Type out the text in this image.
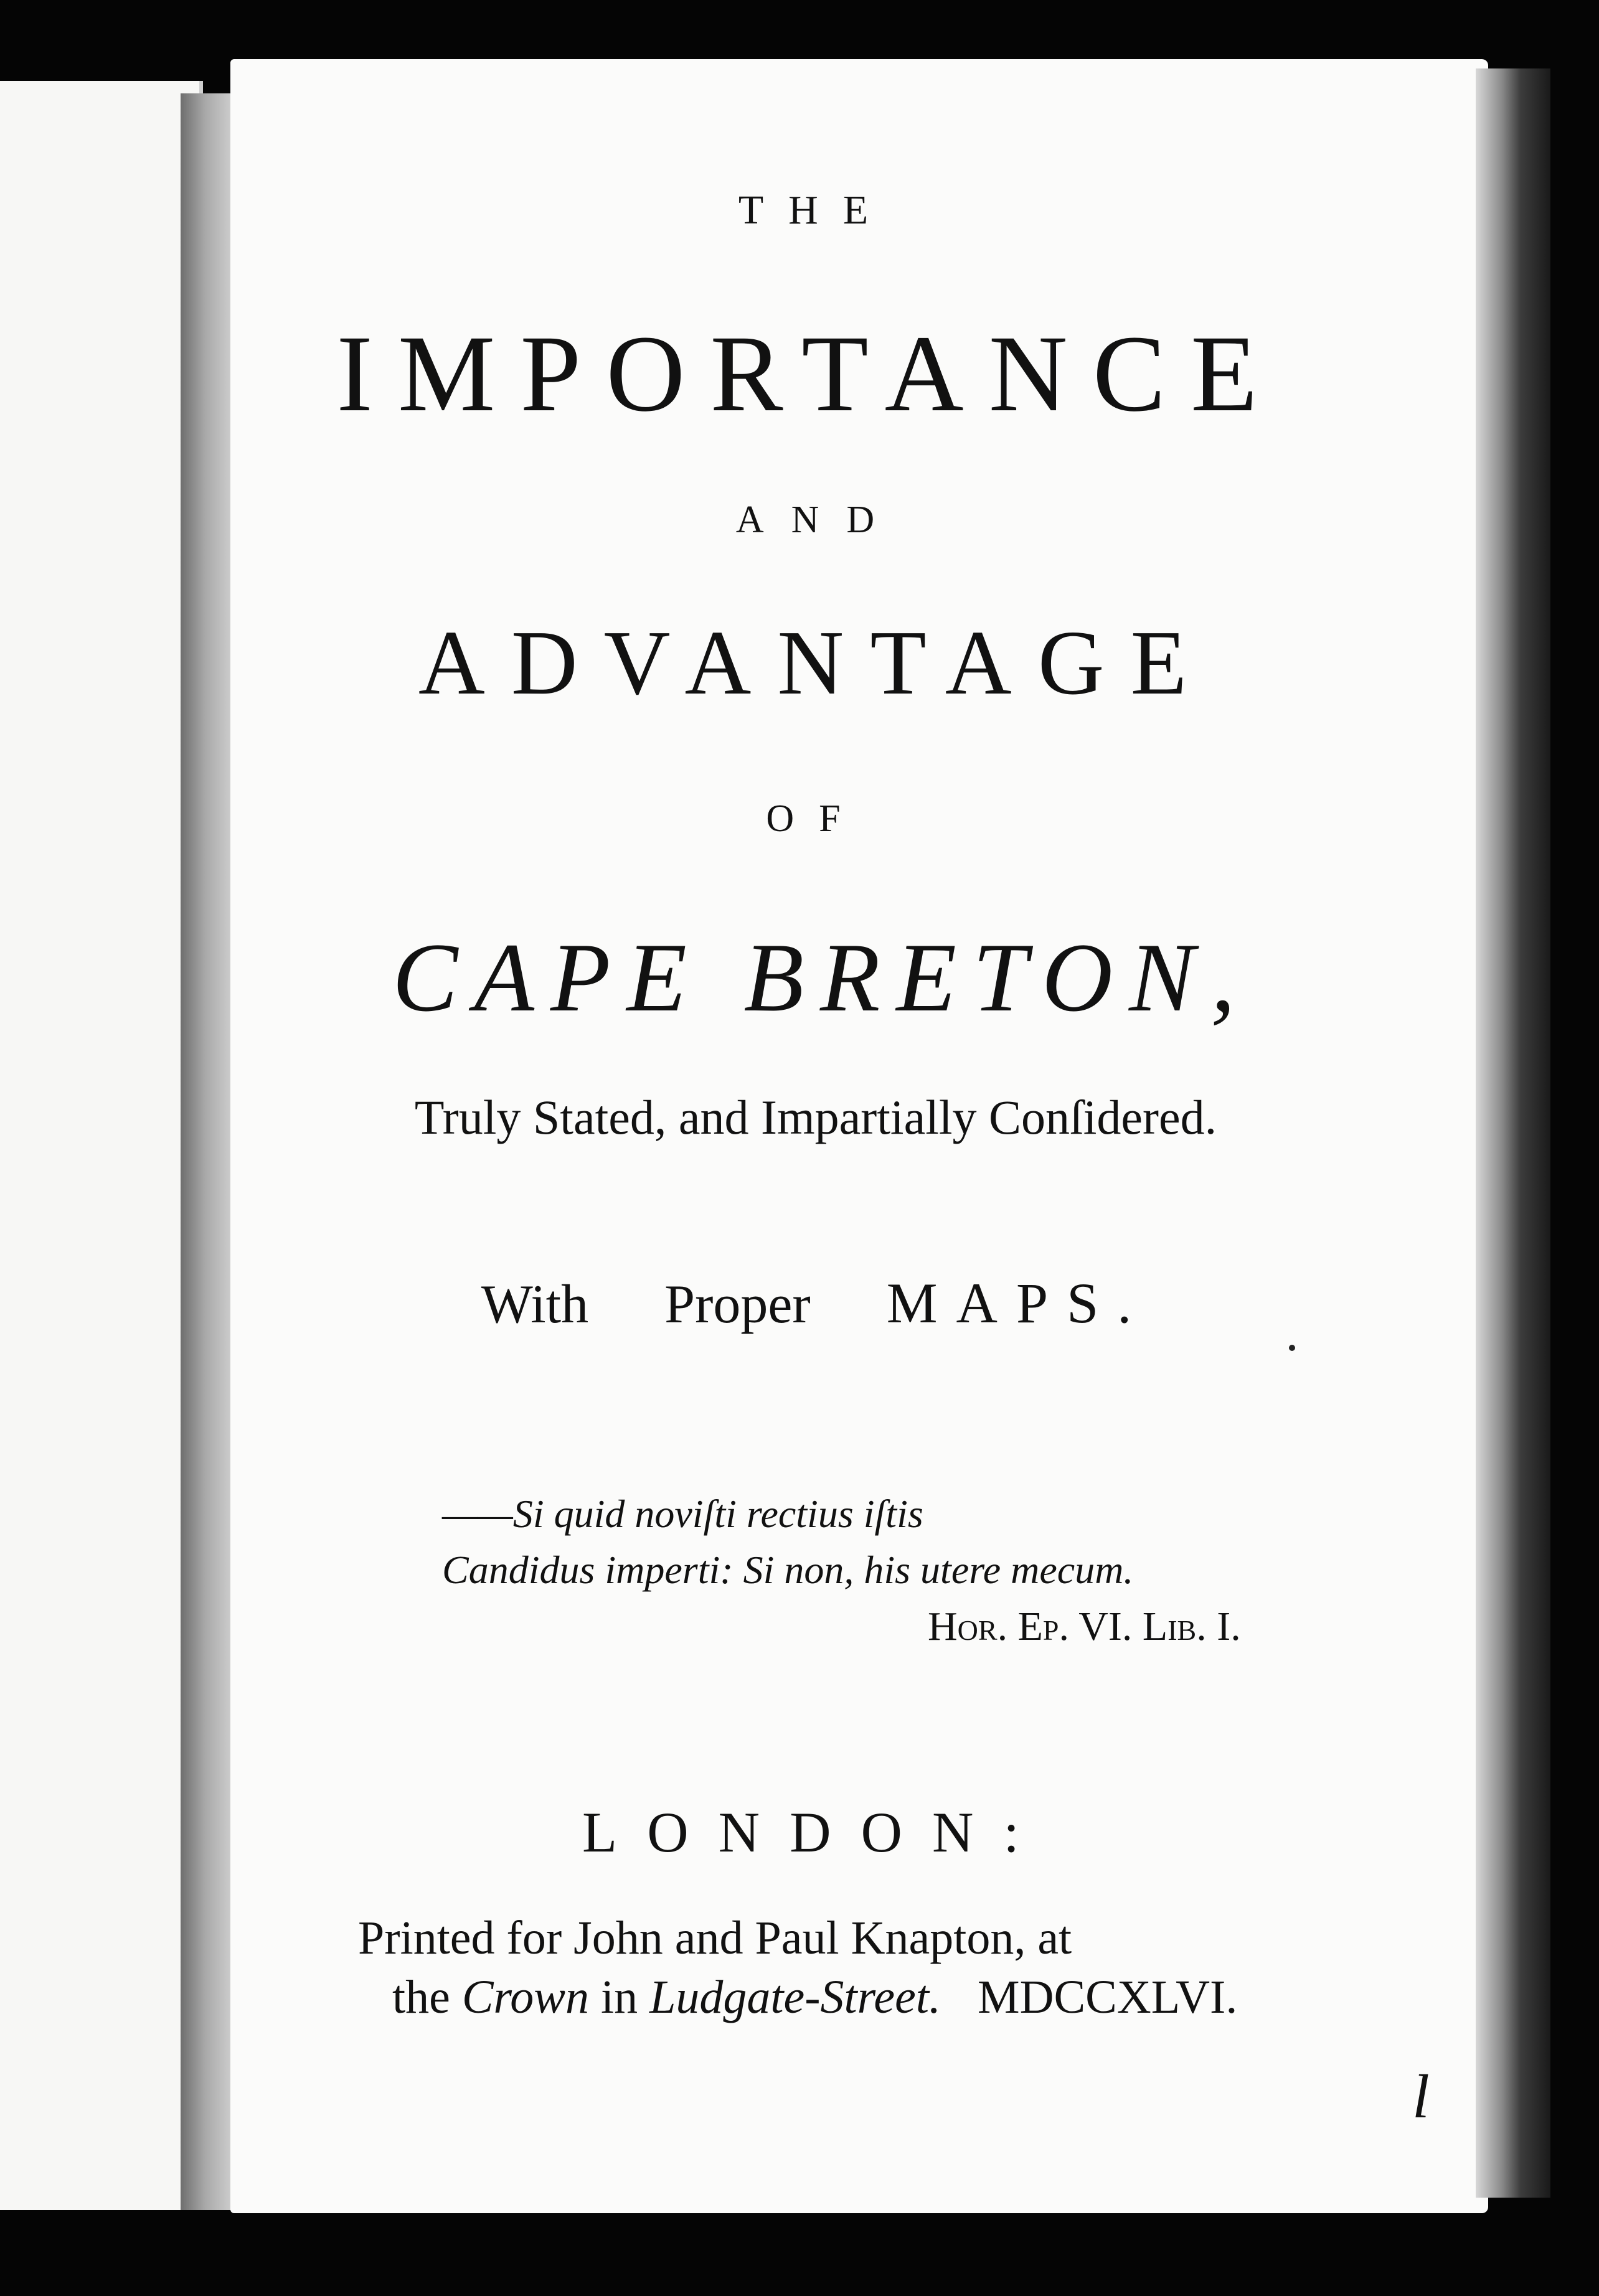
THE
IMPORTANCE
AND
ADVANTAGE
OF
CAPE BRETON,
Truly Stated, and Impartially Conſidered.
With Proper MAPS.
——Si quid noviſti rectius iſtis
Candidus imperti: Si non, his utere mecum.
Hor. Ep. VI. Lib. I.
LONDON:
Printed for John and Paul Knapton, at
the Crown in Ludgate-Street. MDCCXLVI.
l
